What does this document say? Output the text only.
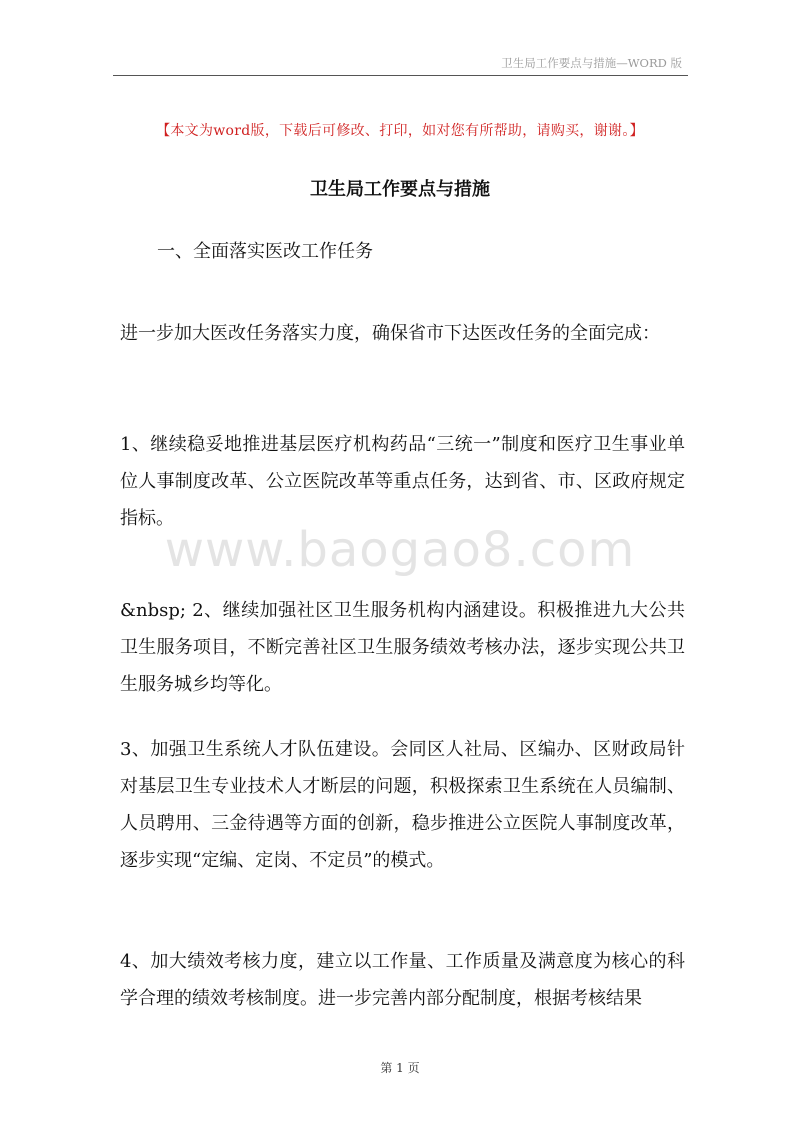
卫生局工作要点与措施—WORD 版
【本文为word版，下载后可修改、打印，如对您有所帮助，请购买，谢谢。】
卫生局工作要点与措施
一、全面落实医改工作任务
www.baogao8.com

进一步加大医改任务落实力度，确保省市下达医改任务的全面完成：

1、继续稳妥地推进基层医疗机构药品“三统一”制度和医疗卫生事业单位人事制度改革、公立医院改革等重点任务，达到省、市、区政府规定指标。

&nbsp; 2、继续加强社区卫生服务机构内涵建设。积极推进九大公共卫生服务项目，不断完善社区卫生服务绩效考核办法，逐步实现公共卫生服务城乡均等化。

3、加强卫生系统人才队伍建设。会同区人社局、区编办、区财政局针对基层卫生专业技术人才断层的问题，积极探索卫生系统在人员编制、人员聘用、三金待遇等方面的创新，稳步推进公立医院人事制度改革，逐步实现“定编、定岗、不定员”的模式。

4、加大绩效考核力度，建立以工作量、工作质量及满意度为核心的科学合理的绩效考核制度。进一步完善内部分配制度，根据考核结果

第 1 页
